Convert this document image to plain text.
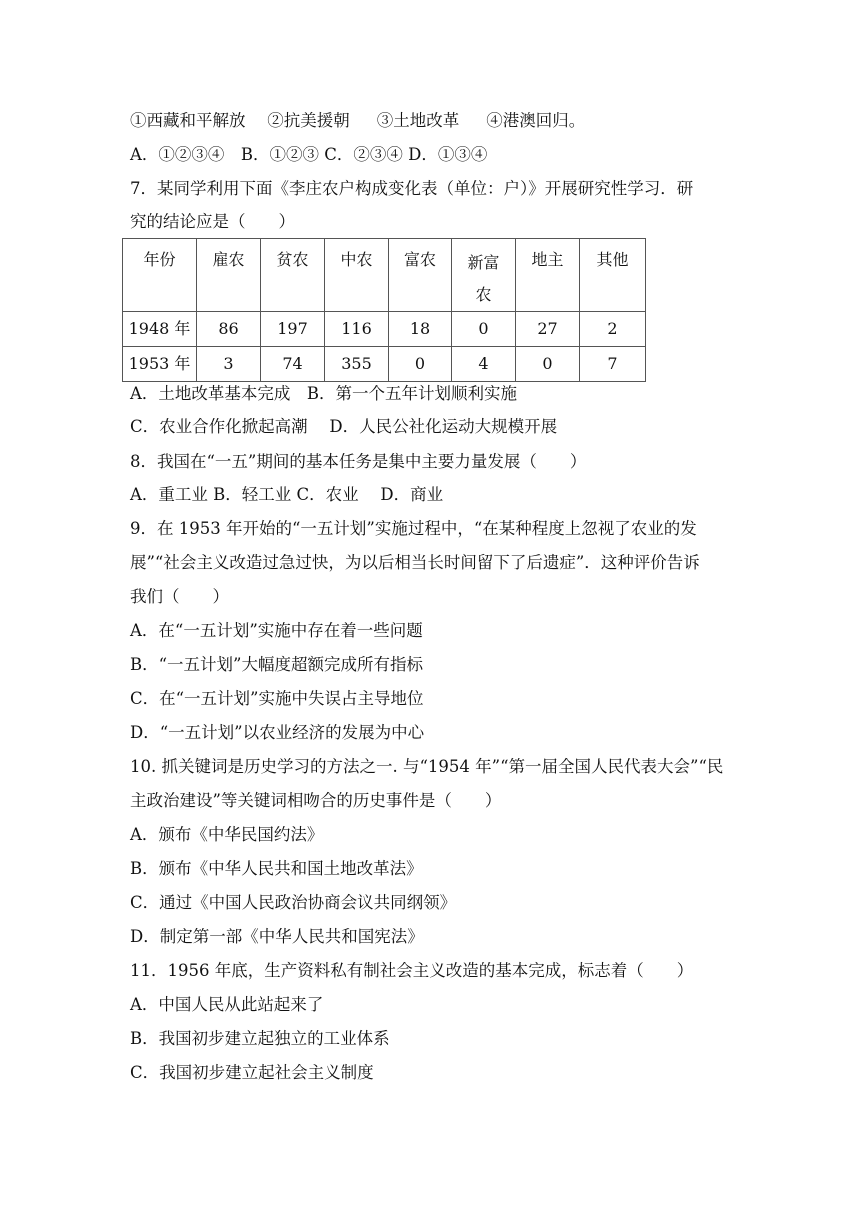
①西藏和平解放 　②抗美援朝 　 ③土地改革 　 ④港澳回归。
A．①②③④　B．①②③ C．②③④ D．①③④
7．某同学利用下面《李庄农户构成变化表（单位：户）》开展研究性学习．研
究的结论应是（　　）
年份	雇农	贫农	中农	富农	新富农	地主	其他
1948 年	86	197	116	18	0	27	2
1953 年	3	74	355	0	4	0	7
A．土地改革基本完成　B．第一个五年计划顺利实施
C．农业合作化掀起高潮 　D．人民公社化运动大规模开展
8．我国在“一五”期间的基本任务是集中主要力量发展（　　）
A．重工业 B．轻工业 C．农业 　D．商业
9．在 1953 年开始的“一五计划”实施过程中，“在某种程度上忽视了农业的发
展”“社会主义改造过急过快，为以后相当长时间留下了后遗症”．这种评价告诉
我们（　　）
A．在“一五计划”实施中存在着一些问题
B．“一五计划”大幅度超额完成所有指标
C．在“一五计划”实施中失误占主导地位
D．“一五计划”以农业经济的发展为中心
10. 抓关键词是历史学习的方法之一. 与“1954 年”“第一届全国人民代表大会”“民
主政治建设”等关键词相吻合的历史事件是（　　）
A．颁布《中华民国约法》
B．颁布《中华人民共和国土地改革法》
C．通过《中国人民政治协商会议共同纲领》
D．制定第一部《中华人民共和国宪法》
11．1956 年底，生产资料私有制社会主义改造的基本完成，标志着（　　）
A．中国人民从此站起来了
B．我国初步建立起独立的工业体系
C．我国初步建立起社会主义制度
